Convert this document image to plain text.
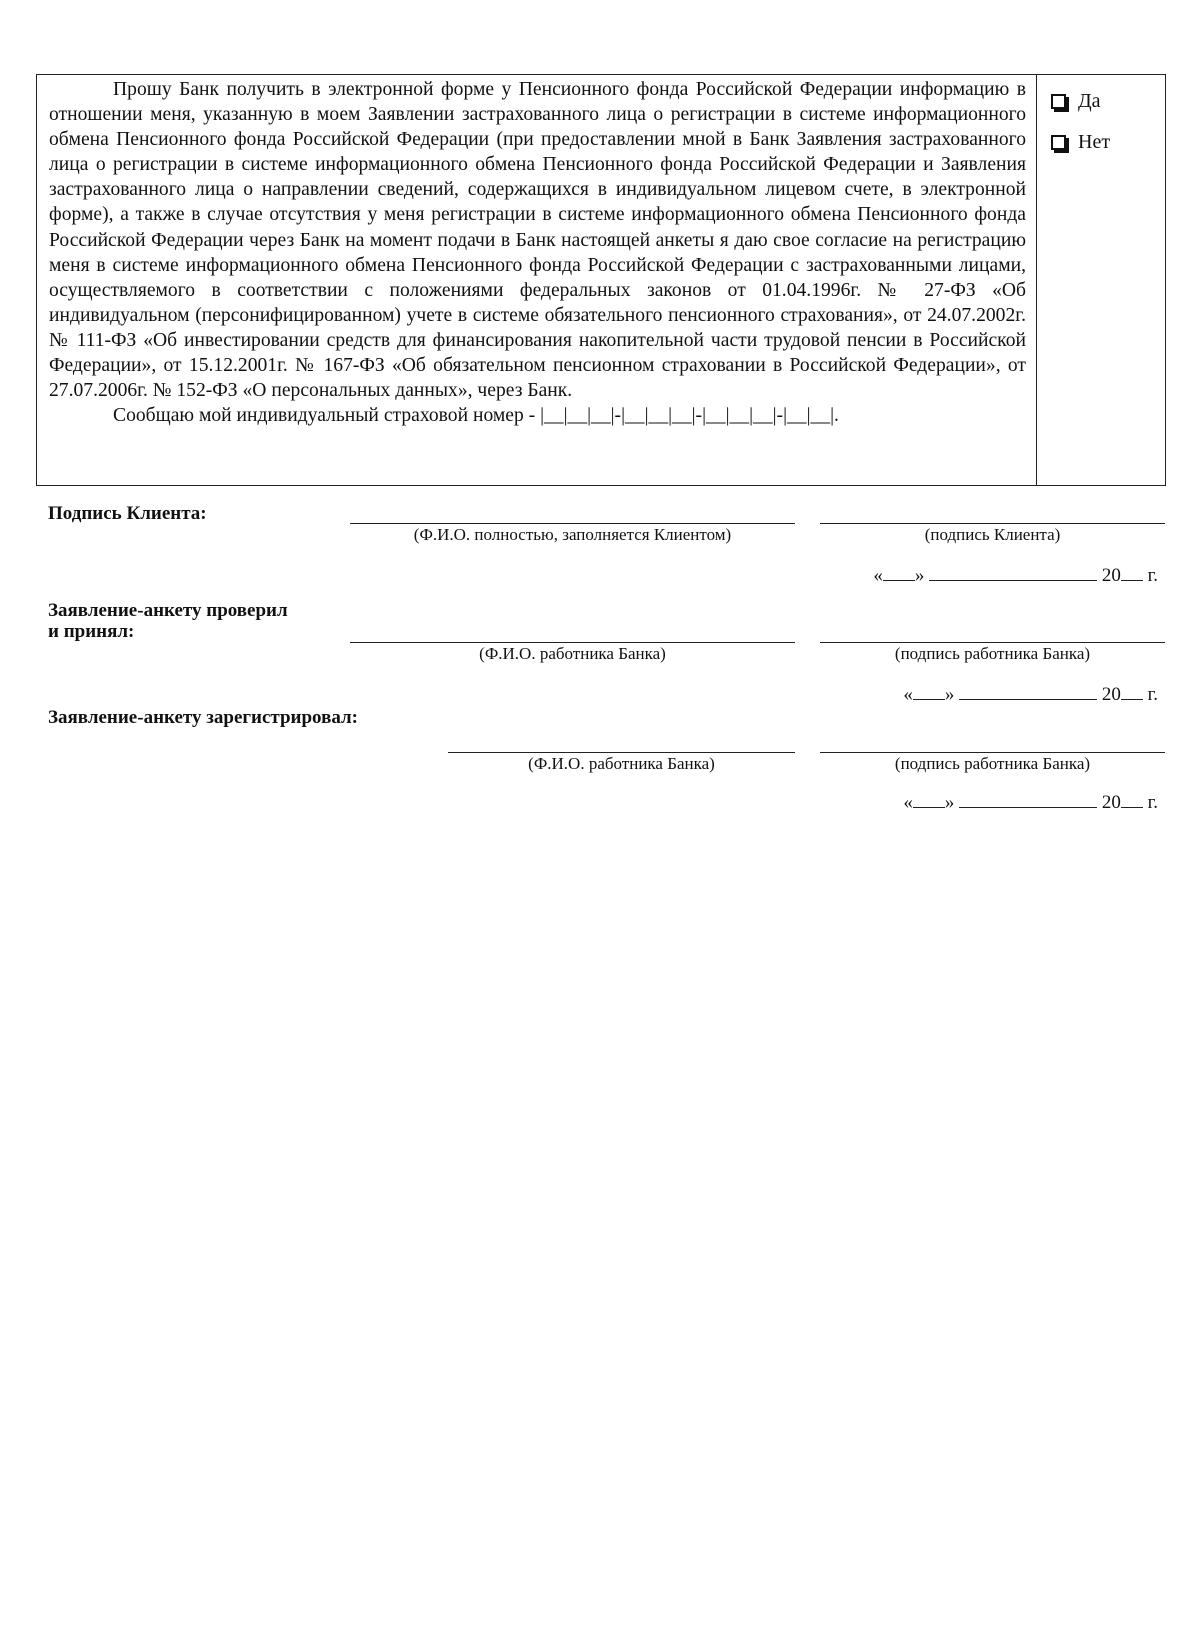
Прошу Банк получить в электронной форме у Пенсионного фонда Российской Федерации информацию в отношении меня, указанную в моем Заявлении застрахованного лица о регистрации в системе информационного обмена Пенсионного фонда Российской Федерации (при предоставлении мной в Банк Заявления застрахованного лица о регистрации в системе информационного обмена Пенсионного фонда Российской Федерации и Заявления застрахованного лица о направлении сведений, содержащихся в индивидуальном лицевом счете, в электронной форме), а также в случае отсутствия у меня регистрации в системе информационного обмена Пенсионного фонда Российской Федерации через Банк на момент подачи в Банк настоящей анкеты я даю свое согласие на регистрацию меня в системе информационного обмена Пенсионного фонда Российской Федерации с застрахованными лицами, осуществляемого в соответствии с положениями федеральных законов от 01.04.1996г. № 27-ФЗ «Об индивидуальном (персонифицированном) учете в системе обязательного пенсионного страхования», от 24.07.2002г. № 111-ФЗ «Об инвестировании средств для финансирования накопительной части трудовой пенсии в Российской Федерации», от 15.12.2001г. № 167-ФЗ «Об обязательном пенсионном страховании в Российской Федерации», от 27.07.2006г. № 152-ФЗ «О персональных данных», через Банк.

Сообщаю мой индивидуальный страховой номер - |__|__|__|-|__|__|__|-|__|__|__|-|__|__|.

Да
Нет
Подпись Клиента:
(Ф.И.О. полностью, заполняется Клиентом)	(подпись Клиента)
« »	20 г.
Заявление-анкету проверил
и принял:
(Ф.И.О. работника Банка)	(подпись работника Банка)
« »	20 г.
Заявление-анкету зарегистрировал:
(Ф.И.О. работника Банка)	(подпись работника Банка)
« »	20 г.
